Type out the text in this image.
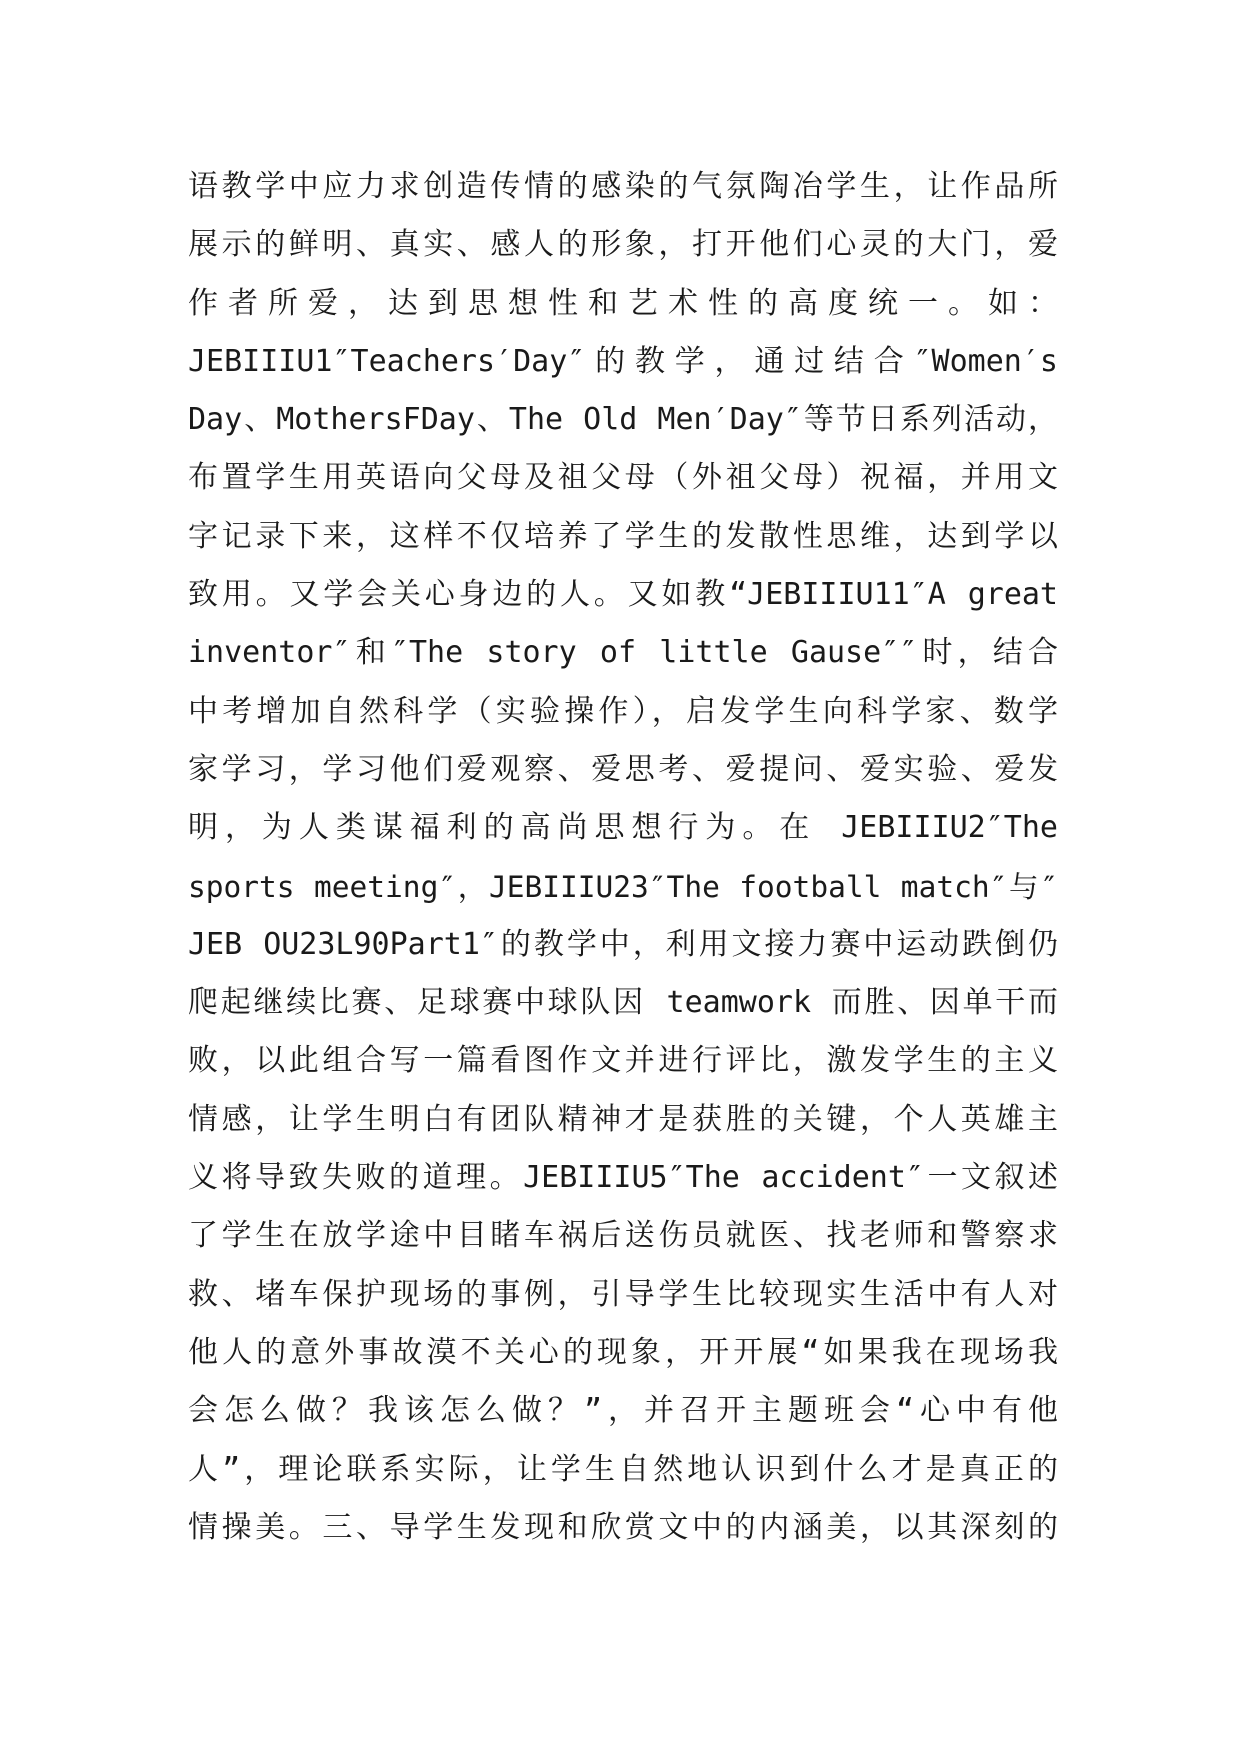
语教学中应力求创造传情的感染的气氛陶冶学生，让作品所
展示的鲜明、真实、感人的形象，打开他们心灵的大门，爱
作者所爱，达到思想性和艺术性的高度统一。如：
JEBIIIU1″Teachers′Day″的教学，通过结合″Women′s
Day、MothersFDay、The Old Men′Day″等节日系列活动，
布置学生用英语向父母及祖父母（外祖父母）祝福，并用文
字记录下来，这样不仅培养了学生的发散性思维，达到学以
致用。又学会关心身边的人。又如教“JEBIIIU11″A great
inventor″和″The story of little Gause″″时，结合
中考增加自然科学（实验操作），启发学生向科学家、数学
家学习，学习他们爱观察、爱思考、爱提问、爱实验、爱发
明，为人类谋福利的高尚思想行为。在 JEBIIIU2″The
sports meeting″，JEBIIIU23″The football match″与″
JEB OU23L90Part1″的教学中，利用文接力赛中运动跌倒仍
爬起继续比赛、足球赛中球队因 teamwork 而胜、因单干而
败，以此组合写一篇看图作文并进行评比，激发学生的主义
情感，让学生明白有团队精神才是获胜的关键，个人英雄主
义将导致失败的道理。JEBIIIU5″The accident″一文叙述
了学生在放学途中目睹车祸后送伤员就医、找老师和警察求
救、堵车保护现场的事例，引导学生比较现实生活中有人对
他人的意外事故漠不关心的现象，开开展“如果我在现场我
会怎么做？我该怎么做？”，并召开主题班会“心中有他
人”，理论联系实际，让学生自然地认识到什么才是真正的
情操美。三、导学生发现和欣赏文中的内涵美，以其深刻的
